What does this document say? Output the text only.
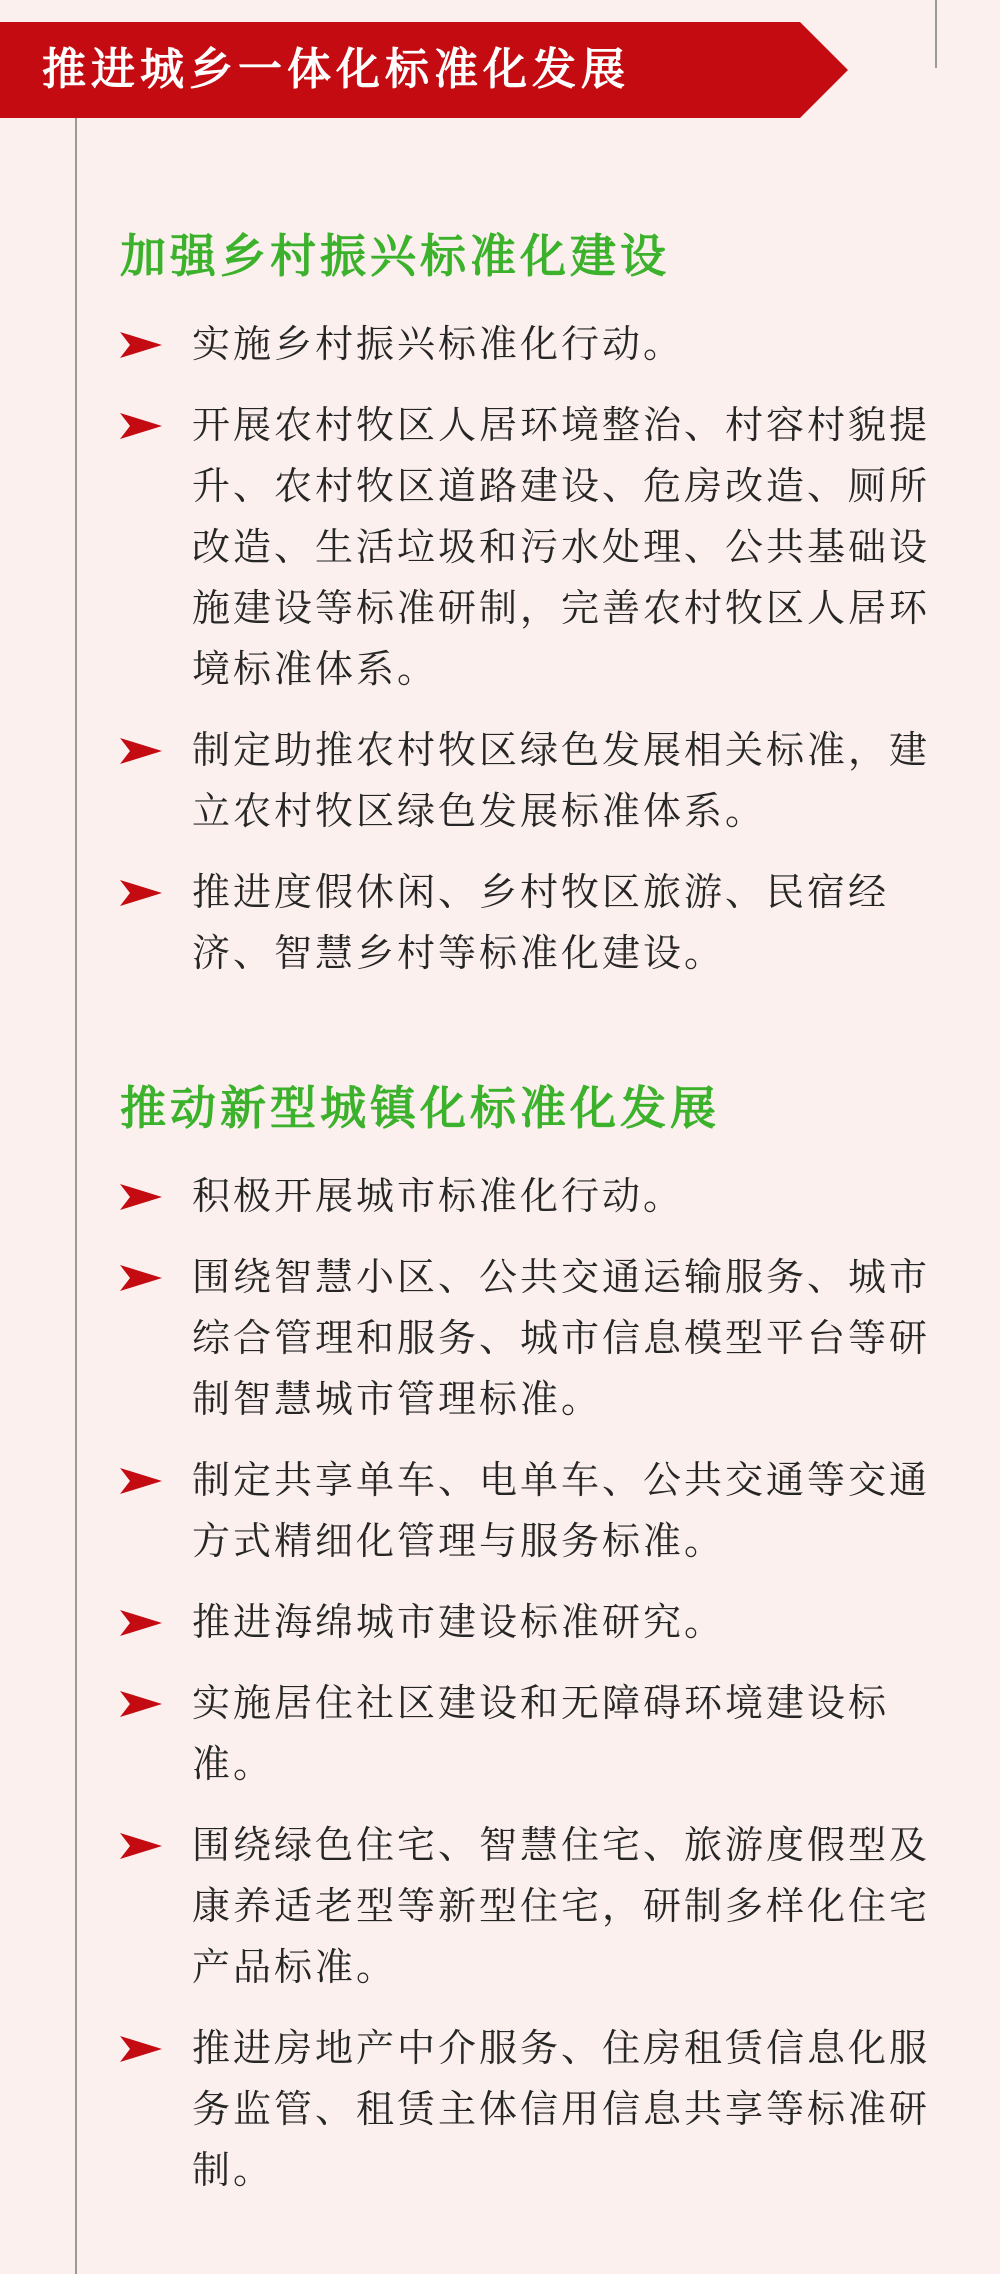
推进城乡一体化标准化发展
加强乡村振兴标准化建设
实施乡村振兴标准化行动。
开展农村牧区人居环境整治、村容村貌提升、农村牧区道路建设、危房改造、厕所改造、生活垃圾和污水处理、公共基础设施建设等标准研制，完善农村牧区人居环境标准体系。
制定助推农村牧区绿色发展相关标准，建立农村牧区绿色发展标准体系。
推进度假休闲、乡村牧区旅游、民宿经济、智慧乡村等标准化建设。
推动新型城镇化标准化发展
积极开展城市标准化行动。
围绕智慧小区、公共交通运输服务、城市综合管理和服务、城市信息模型平台等研制智慧城市管理标准。
制定共享单车、电单车、公共交通等交通方式精细化管理与服务标准。
推进海绵城市建设标准研究。
实施居住社区建设和无障碍环境建设标准。
围绕绿色住宅、智慧住宅、旅游度假型及康养适老型等新型住宅，研制多样化住宅产品标准。
推进房地产中介服务、住房租赁信息化服务监管、租赁主体信用信息共享等标准研制。
